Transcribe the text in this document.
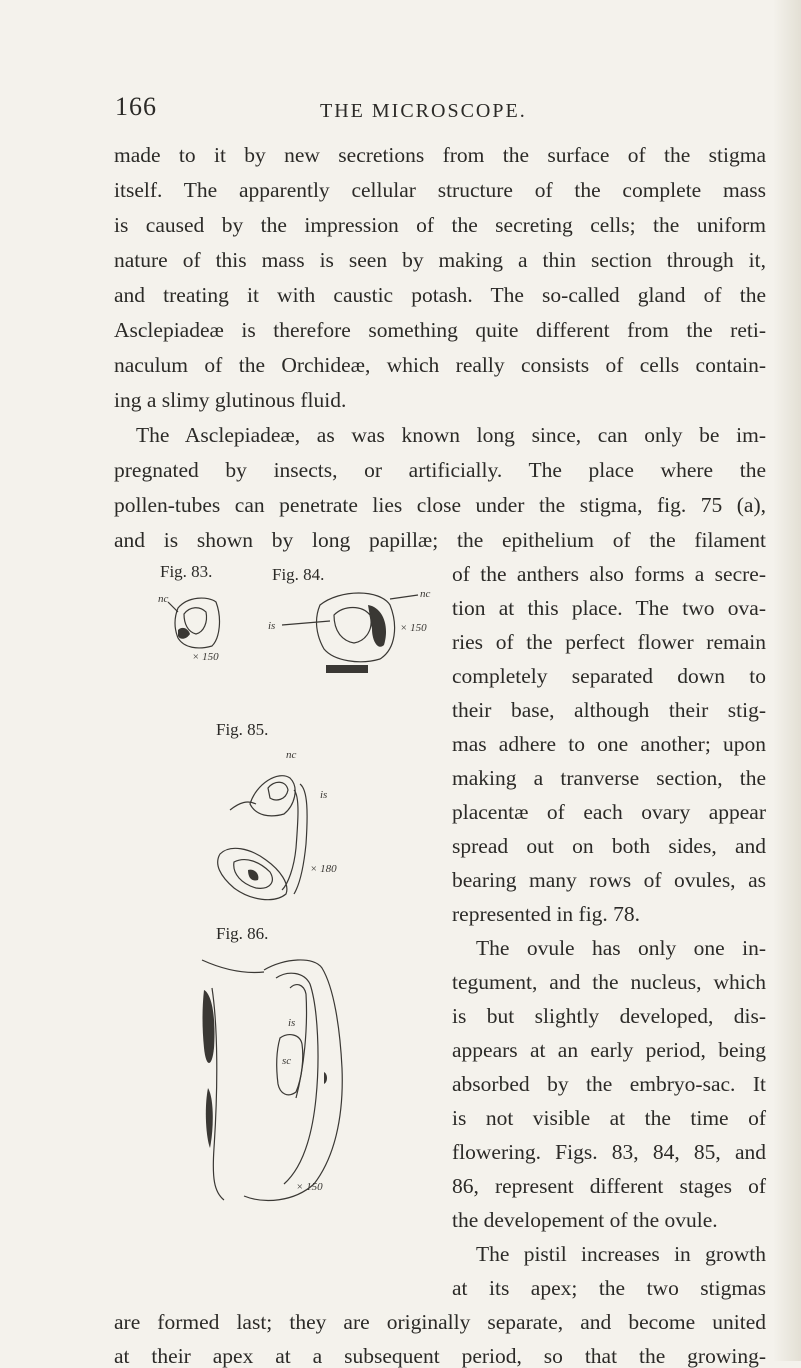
166	THE MICROSCOPE.
made to it by new secretions from the surface of the stigma
itself. The apparently cellular structure of the complete mass
is caused by the impression of the secreting cells; the uniform
nature of this mass is seen by making a thin section through it,
and treating it with caustic potash. The so-called gland of the
Asclepiadeæ is therefore something quite different from the reti-
naculum of the Orchideæ, which really consists of cells contain-
ing a slimy glutinous fluid.
The Asclepiadeæ, as was known long since, can only be im-
pregnated by insects, or artificially. The place where the
pollen-tubes can penetrate lies close under the stigma, fig. 75 (a),
and is shown by long papillæ; the epithelium of the filament
of the anthers also forms a secre-
tion at this place. The two ova-
ries of the perfect flower remain
completely separated down to
their base, although their stig-
mas adhere to one another; upon
making a tranverse section, the
placentæ of each ovary appear
spread out on both sides, and
bearing many rows of ovules, as
represented in fig. 78.
The ovule has only one in-
tegument, and the nucleus, which
is but slightly developed, dis-
appears at an early period, being
absorbed by the embryo-sac. It
is not visible at the time of
flowering. Figs. 83, 84, 85, and
86, represent different stages of
the developement of the ovule.
The pistil increases in growth
at its apex; the two stigmas
are formed last; they are originally separate, and become united
at their apex at a subsequent period, so that the growing-
Fig. 83.	Fig. 84.
Fig. 85.
Fig. 86.
nc
× 150
is
nc
× 150
nc
is
× 180
is
sc
× 150
